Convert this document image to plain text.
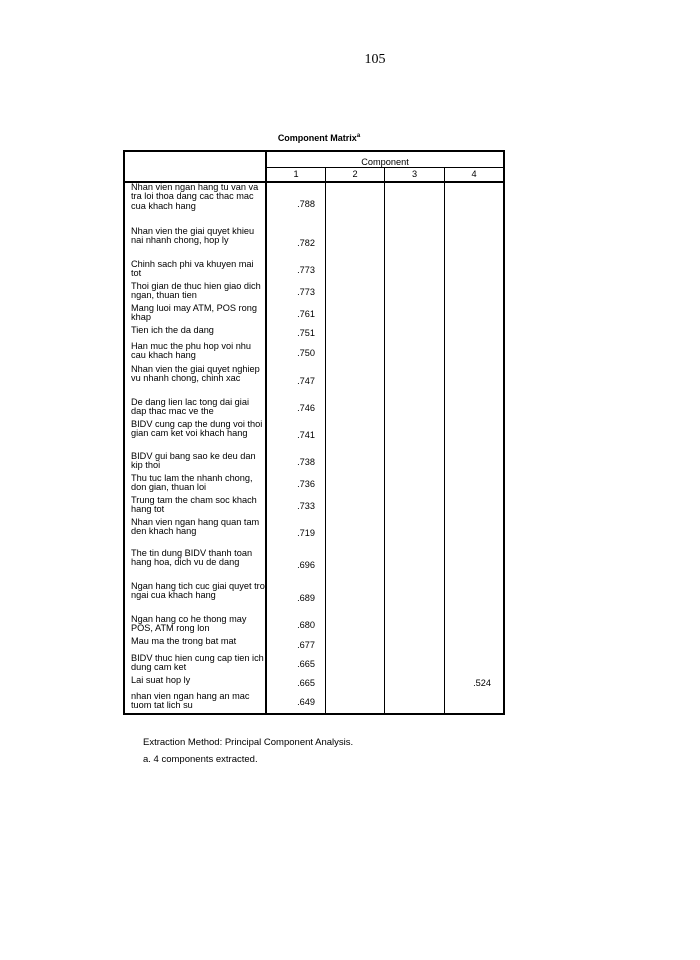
105
Component Matrix$^a$
	Component			
	1	2	3	4
Nhan vien ngan hang tu van va tra loi thoa dang cac thac mac cua khach hang	.788			
Nhan vien the giai quyet khieu nai nhanh chong, hop ly	.782			
Chinh sach phi va khuyen mai tot	.773			
Thoi gian de thuc hien giao dich ngan, thuan tien	.773			
Mang luoi may ATM, POS rong khap	.761			
Tien ich the da dang	.751			
Han muc the phu hop voi nhu cau khach hang	.750			
Nhan vien the giai quyet nghiep vu nhanh chong, chinh xac	.747			
De dang lien lac tong dai giai dap thac mac ve the	.746			
BIDV cung cap the dung voi thoi gian cam ket voi khach hang	.741			
BIDV gui bang sao ke deu dan kip thoi	.738			
Thu tuc lam the nhanh chong, don gian, thuan loi	.736			
Trung tam the cham soc khach hang tot	.733			
Nhan vien ngan hang quan tam den khach hang	.719			
The tin dung BIDV thanh toan hang hoa, dich vu de dang	.696			
Ngan hang tich cuc giai quyet tro ngai cua khach hang	.689			
Ngan hang co he thong may POS, ATM rong lon	.680			
Mau ma the trong bat mat	.677			
BIDV thuc hien cung cap tien ich dung cam ket	.665			
Lai suat hop ly	.665			.524
nhan vien ngan hang an mac tuom tat lich su	.649			
Extraction Method: Principal Component Analysis.
a. 4 components extracted.
